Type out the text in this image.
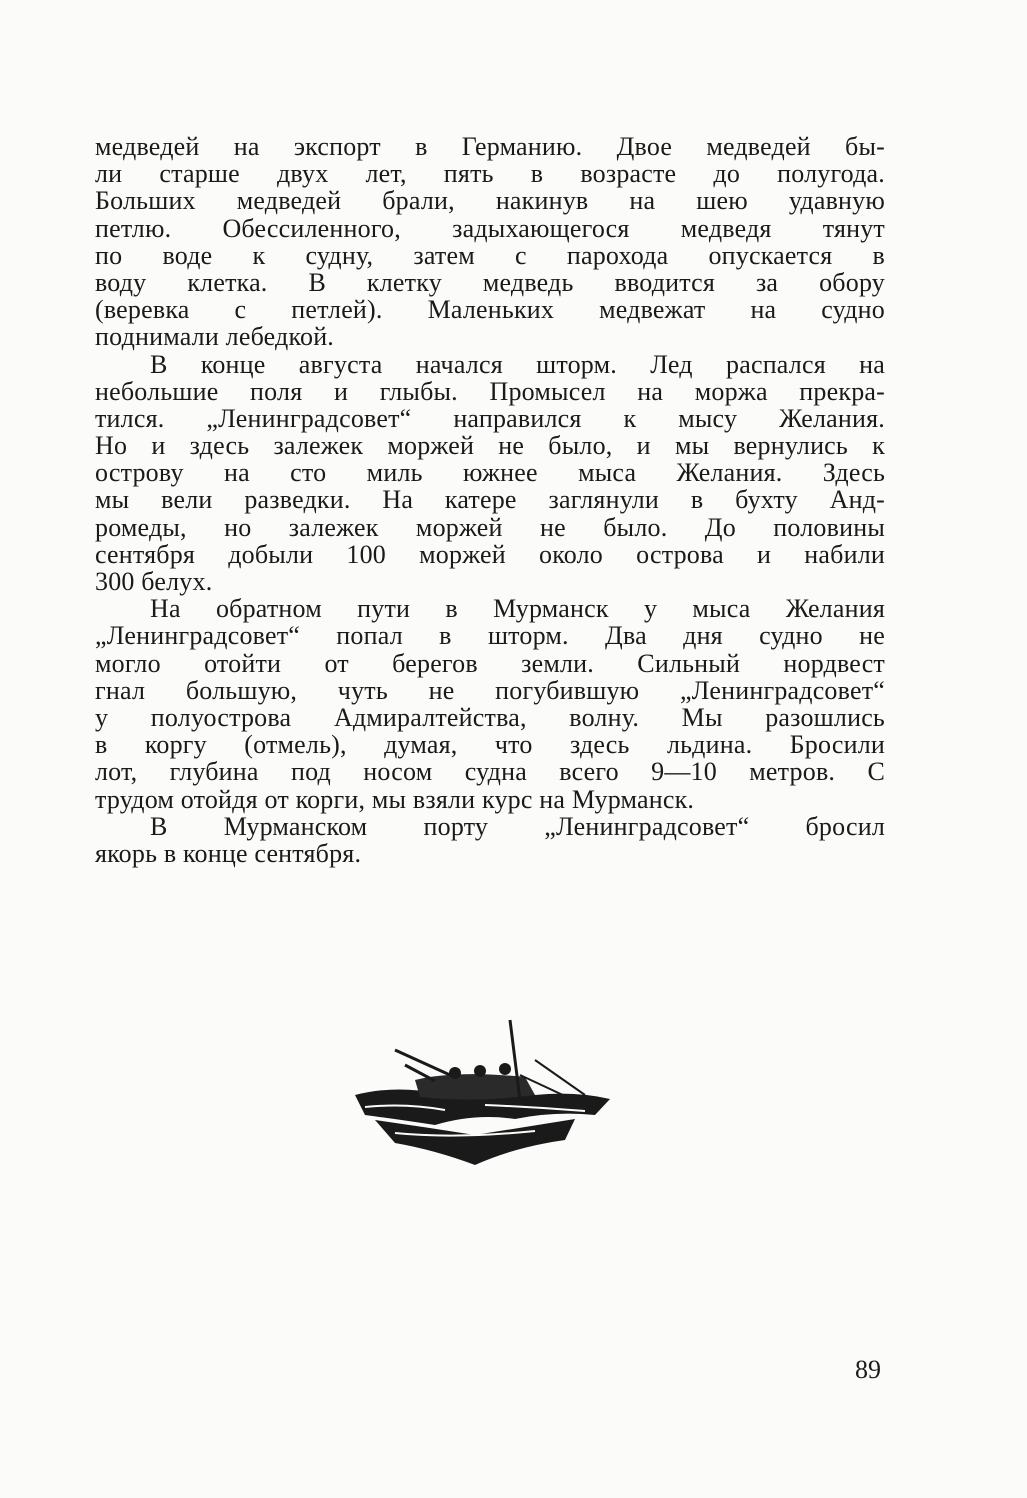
медведей на экспорт в Германию. Двое медведей бы-
ли старше двух лет, пять в возрасте до полугода.
Больших медведей брали, накинув на шею удавную
петлю. Обессиленного, задыхающегося медведя тянут
по воде к судну, затем с парохода опускается в
воду клетка. В клетку медведь вводится за обору
(веревка с петлей). Маленьких медвежат на судно
поднимали лебедкой.
В конце августа начался шторм. Лед распался на
небольшие поля и глыбы. Промысел на моржа прекра-
тился. „Ленинградсовет“ направился к мысу Желания.
Но и здесь залежек моржей не было, и мы вернулись к
острову на сто миль южнее мыса Желания. Здесь
мы вели разведки. На катере заглянули в бухту Анд-
ромеды, но залежек моржей не было. До половины
сентября добыли 100 моржей около острова и набили
300 белух.
На обратном пути в Мурманск у мыса Желания
„Ленинградсовет“ попал в шторм. Два дня судно не
могло отойти от берегов земли. Сильный нордвест
гнал большую, чуть не погубившую „Ленинградсовет“
у полуострова Адмиралтейства, волну. Мы разошлись
в коргу (отмель), думая, что здесь льдина. Бросили
лот, глубина под носом судна всего 9—10 метров. С
трудом отойдя от корги, мы взяли курс на Мурманск.
В Мурманском порту „Ленинградсовет“ бросил
якорь в конце сентября.
89
